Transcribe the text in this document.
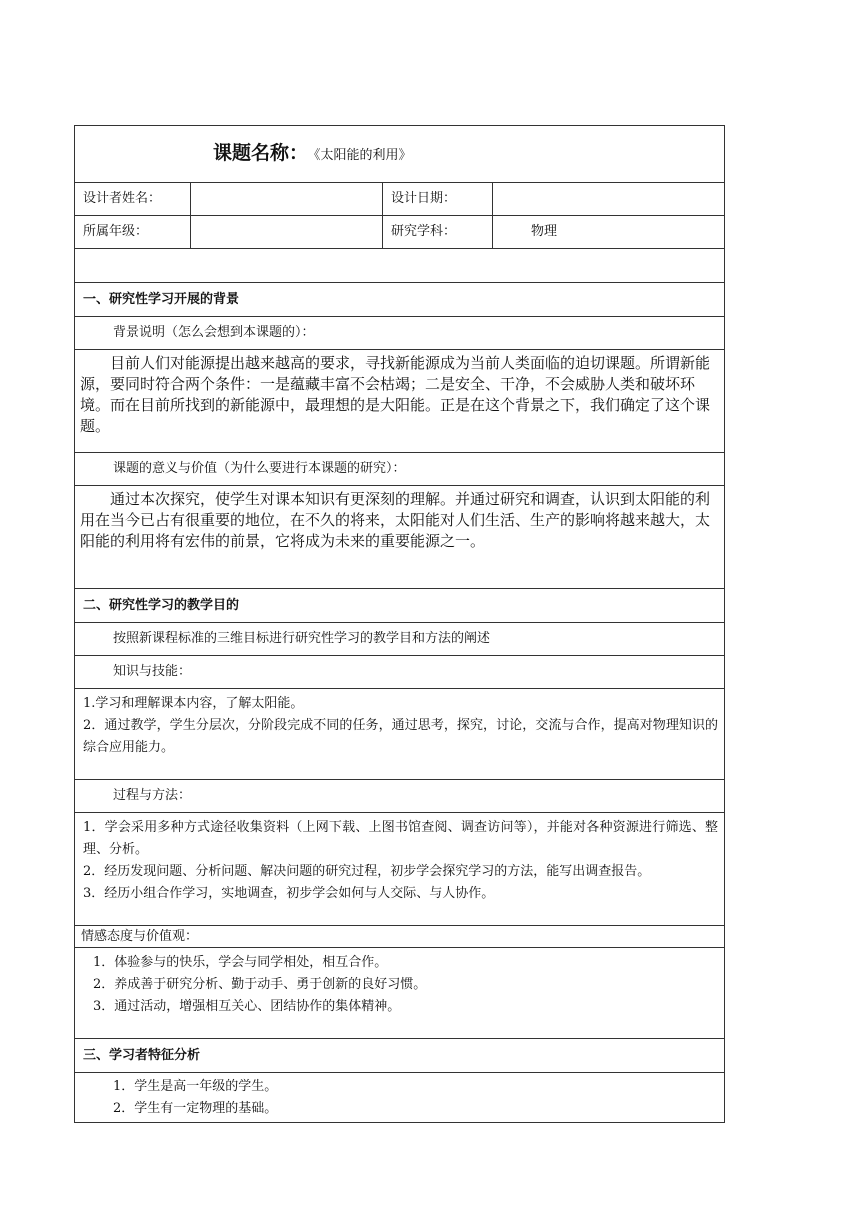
课题名称： 《太阳能的利用》			
设计者姓名：		设计日期：	
所属年级：		研究学科：	物理

一、研究性学习开展的背景			
背景说明（怎么会想到本课题的）：			
目前人们对能源提出越来越高的要求，寻找新能源成为当前人类面临的迫切课题。所谓新能源，要同时符合两个条件：一是蕴藏丰富不会枯竭；二是安全、干净，不会威胁人类和破坏环境。而在目前所找到的新能源中，最理想的是大阳能。正是在这个背景之下，我们确定了这个课题。			
课题的意义与价值（为什么要进行本课题的研究）：			
通过本次探究，使学生对课本知识有更深刻的理解。并通过研究和调查，认识到太阳能的利用在当今已占有很重要的地位，在不久的将来，太阳能对人们生活、生产的影响将越来越大，太阳能的利用将有宏伟的前景，它将成为未来的重要能源之一。			
二、研究性学习的教学目的			
按照新课程标准的三维目标进行研究性学习的教学目和方法的阐述			
知识与技能：			

1.学习和理解课本内容，了解太阳能。

2．通过教学，学生分层次，分阶段完成不同的任务，通过思考，探究，讨论，交流与合作，提高对物理知识的综合应用能力。			

过程与方法：			

1．学会采用多种方式途径收集资料（上网下载、上图书馆查阅、调查访问等），并能对各种资源进行筛选、整理、分析。

2．经历发现问题、分析问题、解决问题的研究过程，初步学会探究学习的方法，能写出调查报告。

3．经历小组合作学习，实地调查，初步学会如何与人交际、与人协作。			

情感态度与价值观：			

1．体验参与的快乐，学会与同学相处，相互合作。

2．养成善于研究分析、勤于动手、勇于创新的良好习惯。

3．通过活动，增强相互关心、团结协作的集体精神。			

三、学习者特征分析			

1．学生是高一年级的学生。

2．学生有一定物理的基础。			
